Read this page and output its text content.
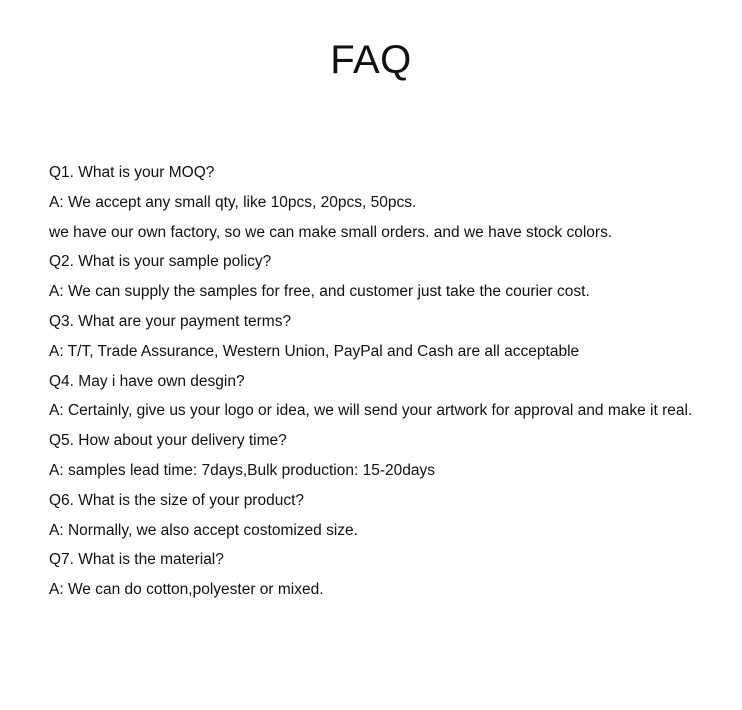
FAQ
Q1. What is your MOQ?
A: We accept any small qty, like 10pcs, 20pcs, 50pcs.
we have our own factory, so we can make small orders. and we have stock colors.
Q2. What is your sample policy?
A: We can supply the samples for free, and customer just take the courier cost.
Q3. What are your payment terms?
A: T/T, Trade Assurance, Western Union, PayPal and Cash are all acceptable
Q4. May i have own desgin?
A: Certainly, give us your logo or idea, we will send your artwork for approval and make it real.
Q5. How about your delivery time?
A: samples lead time: 7days,Bulk production: 15-20days
Q6. What is the size of your product?
A: Normally, we also accept costomized size.
Q7. What is the material?
A: We can do cotton,polyester or mixed.
